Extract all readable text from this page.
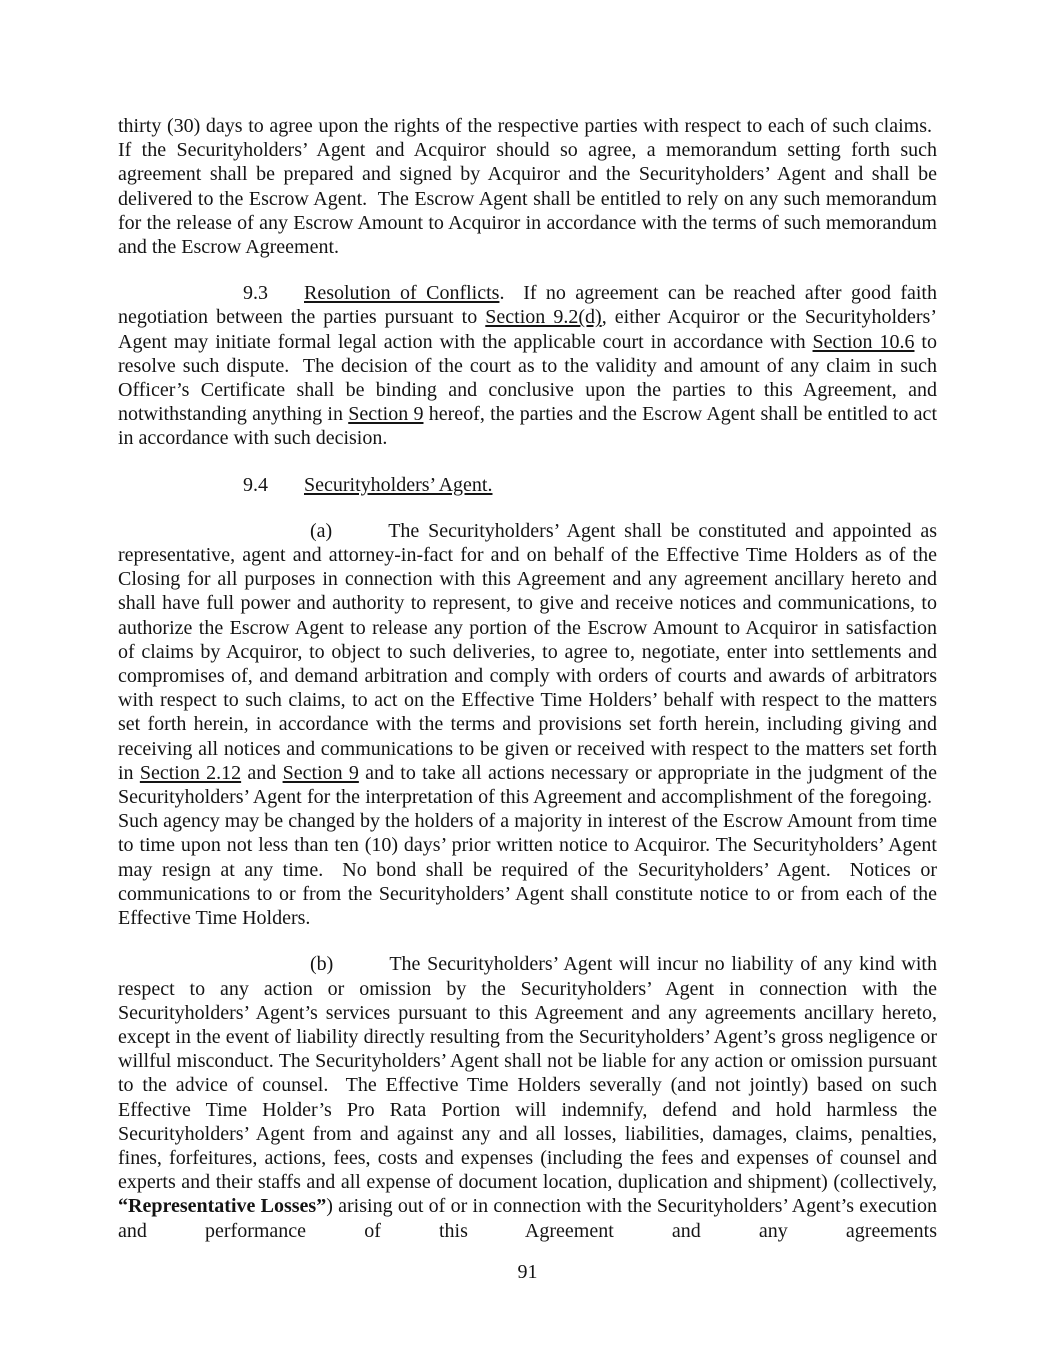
thirty (30) days to agree upon the rights of the respective parties with respect to each of such claims.  If the Securityholders’ Agent and Acquiror should so agree, a memorandum setting forth such agreement shall be prepared and signed by Acquiror and the Securityholders’ Agent and shall be delivered to the Escrow Agent.  The Escrow Agent shall be entitled to rely on any such memorandum for the release of any Escrow Amount to Acquiror in accordance with the terms of such memorandum and the Escrow Agreement.

9.3 Resolution of Conflicts.  If no agreement can be reached after good faith negotiation between the parties pursuant to Section 9.2(d), either Acquiror or the Securityholders’ Agent may initiate formal legal action with the applicable court in accordance with Section 10.6 to resolve such dispute.  The decision of the court as to the validity and amount of any claim in such Officer’s Certificate shall be binding and conclusive upon the parties to this Agreement, and notwithstanding anything in Section 9 hereof, the parties and the Escrow Agent shall be entitled to act in accordance with such decision.

9.4 Securityholders’ Agent.

(a)	The Securityholders’ Agent shall be constituted and appointed as representative, agent and attorney-in-fact for and on behalf of the Effective Time Holders as of the Closing for all purposes in connection with this Agreement and any agreement ancillary hereto and shall have full power and authority to represent, to give and receive notices and communications, to authorize the Escrow Agent to release any portion of the Escrow Amount to Acquiror in satisfaction of claims by Acquiror, to object to such deliveries, to agree to, negotiate, enter into settlements and compromises of, and demand arbitration and comply with orders of courts and awards of arbitrators with respect to such claims, to act on the Effective Time Holders’ behalf with respect to the matters set forth herein, in accordance with the terms and provisions set forth herein, including giving and receiving all notices and communications to be given or received with respect to the matters set forth in Section 2.12 and Section 9 and to take all actions necessary or appropriate in the judgment of the Securityholders’ Agent for the interpretation of this Agreement and accomplishment of the foregoing.  Such agency may be changed by the holders of a majority in interest of the Escrow Amount from time to time upon not less than ten (10) days’ prior written notice to Acquiror. The Securityholders’ Agent may resign at any time.  No bond shall be required of the Securityholders’ Agent.  Notices or communications to or from the Securityholders’ Agent shall constitute notice to or from each of the Effective Time Holders.

(b)	The Securityholders’ Agent will incur no liability of any kind with respect to any action or omission by the Securityholders’ Agent in connection with the Securityholders’ Agent’s services pursuant to this Agreement and any agreements ancillary hereto, except in the event of liability directly resulting from the Securityholders’ Agent’s gross negligence or willful misconduct. The Securityholders’ Agent shall not be liable for any action or omission pursuant to the advice of counsel.  The Effective Time Holders severally (and not jointly) based on such Effective Time Holder’s Pro Rata Portion will indemnify, defend and hold harmless the Securityholders’ Agent from and against any and all losses, liabilities, damages, claims, penalties, fines, forfeitures, actions, fees, costs and expenses (including the fees and expenses of counsel and experts and their staffs and all expense of document location, duplication and shipment) (collectively, “Representative Losses”) arising out of or in connection with the Securityholders’ Agent’s execution and performance of this Agreement and any agreements

91
